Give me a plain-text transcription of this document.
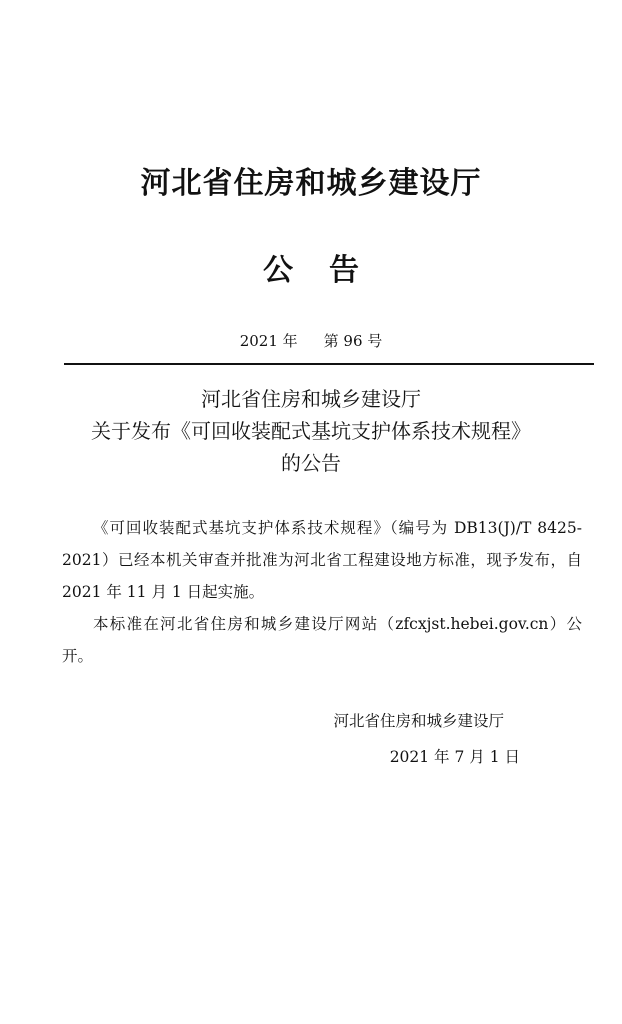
河北省住房和城乡建设厅
公告
2021 年 第 96 号
河北省住房和城乡建设厅
关于发布《可回收装配式基坑支护体系技术规程》
的公告

《可回收装配式基坑支护体系技术规程》（编号为 DB13(J)/T 8425-2021）已经本机关审查并批准为河北省工程建设地方标准，现予发布，自 2021 年 11 月 1 日起实施。

本标准在河北省住房和城乡建设厅网站（zfcxjst.hebei.gov.cn）公开。

河北省住房和城乡建设厅
2021 年 7 月 1 日
